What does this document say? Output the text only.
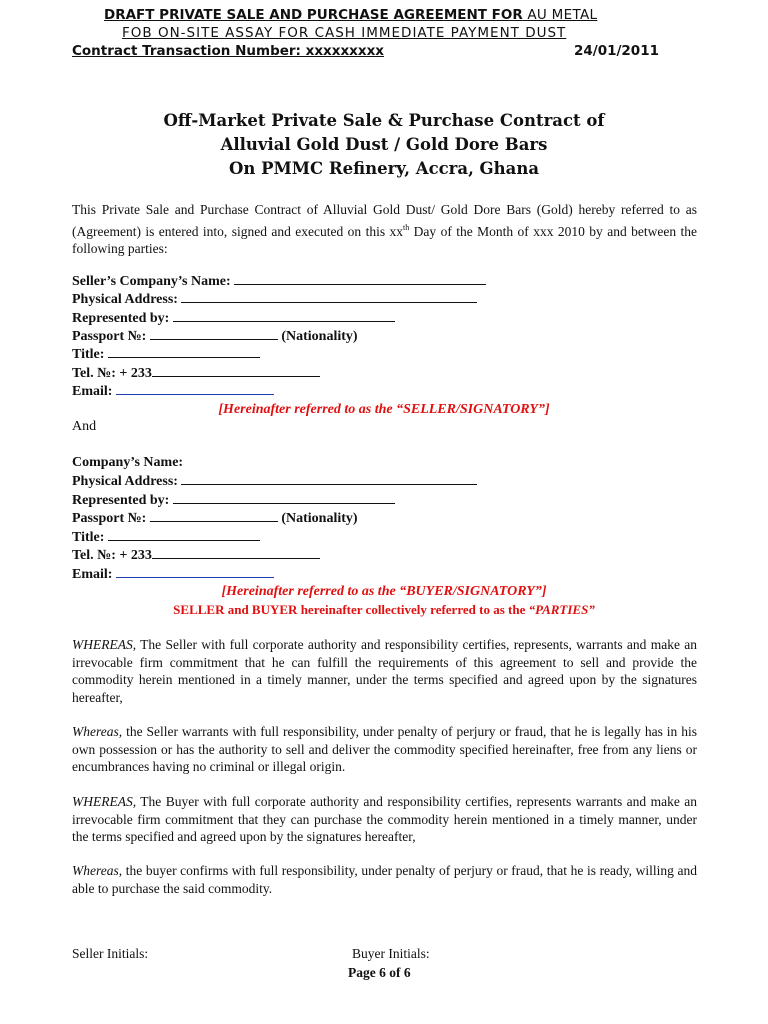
DRAFT PRIVATE SALE AND PURCHASE AGREEMENT FOR AU METAL
FOB ON-SITE ASSAY FOR CASH IMMEDIATE PAYMENT DUST
Contract Transaction Number: xxxxxxxxx	24/01/2011
Off-Market Private Sale & Purchase Contract of
Alluvial Gold Dust / Gold Dore Bars
On PMMC Refinery, Accra, Ghana
This Private Sale and Purchase Contract of Alluvial Gold Dust/ Gold Dore Bars (Gold) hereby referred to as (Agreement) is entered into, signed and executed on this $xx^{th}$ Day of the Month of xxx 2010 by and between the following parties:
Seller’s Company’s Name:
Physical Address:
Represented by:
Passport №:	(Nationality)
Title:
Tel. №: + 233
Email:
[Hereinafter referred to as the “SELLER/SIGNATORY”]
And
Company’s Name:
Physical Address:
Represented by:
Passport №:	(Nationality)
Title:
Tel. №: + 233
Email:
[Hereinafter referred to as the “BUYER/SIGNATORY”]
SELLER and BUYER hereinafter collectively referred to as the “PARTIES”
WHEREAS, The Seller with full corporate authority and responsibility certifies, represents, warrants and make an irrevocable firm commitment that he can fulfill the requirements of this agreement to sell and provide the commodity herein mentioned in a timely manner, under the terms specified and agreed upon by the signatures hereafter,
Whereas, the Seller warrants with full responsibility, under penalty of perjury or fraud, that he is legally has in his own possession or has the authority to sell and deliver the commodity specified hereinafter, free from any liens or encumbrances having no criminal or illegal origin.
WHEREAS, The Buyer with full corporate authority and responsibility certifies, represents warrants and make an irrevocable firm commitment that they can purchase the commodity herein mentioned in a timely manner, under the terms specified and agreed upon by the signatures hereafter,
Whereas, the buyer confirms with full responsibility, under penalty of perjury or fraud, that he is ready, willing and able to purchase the said commodity.
Seller Initials:	Buyer Initials:
Page 6 of 6
